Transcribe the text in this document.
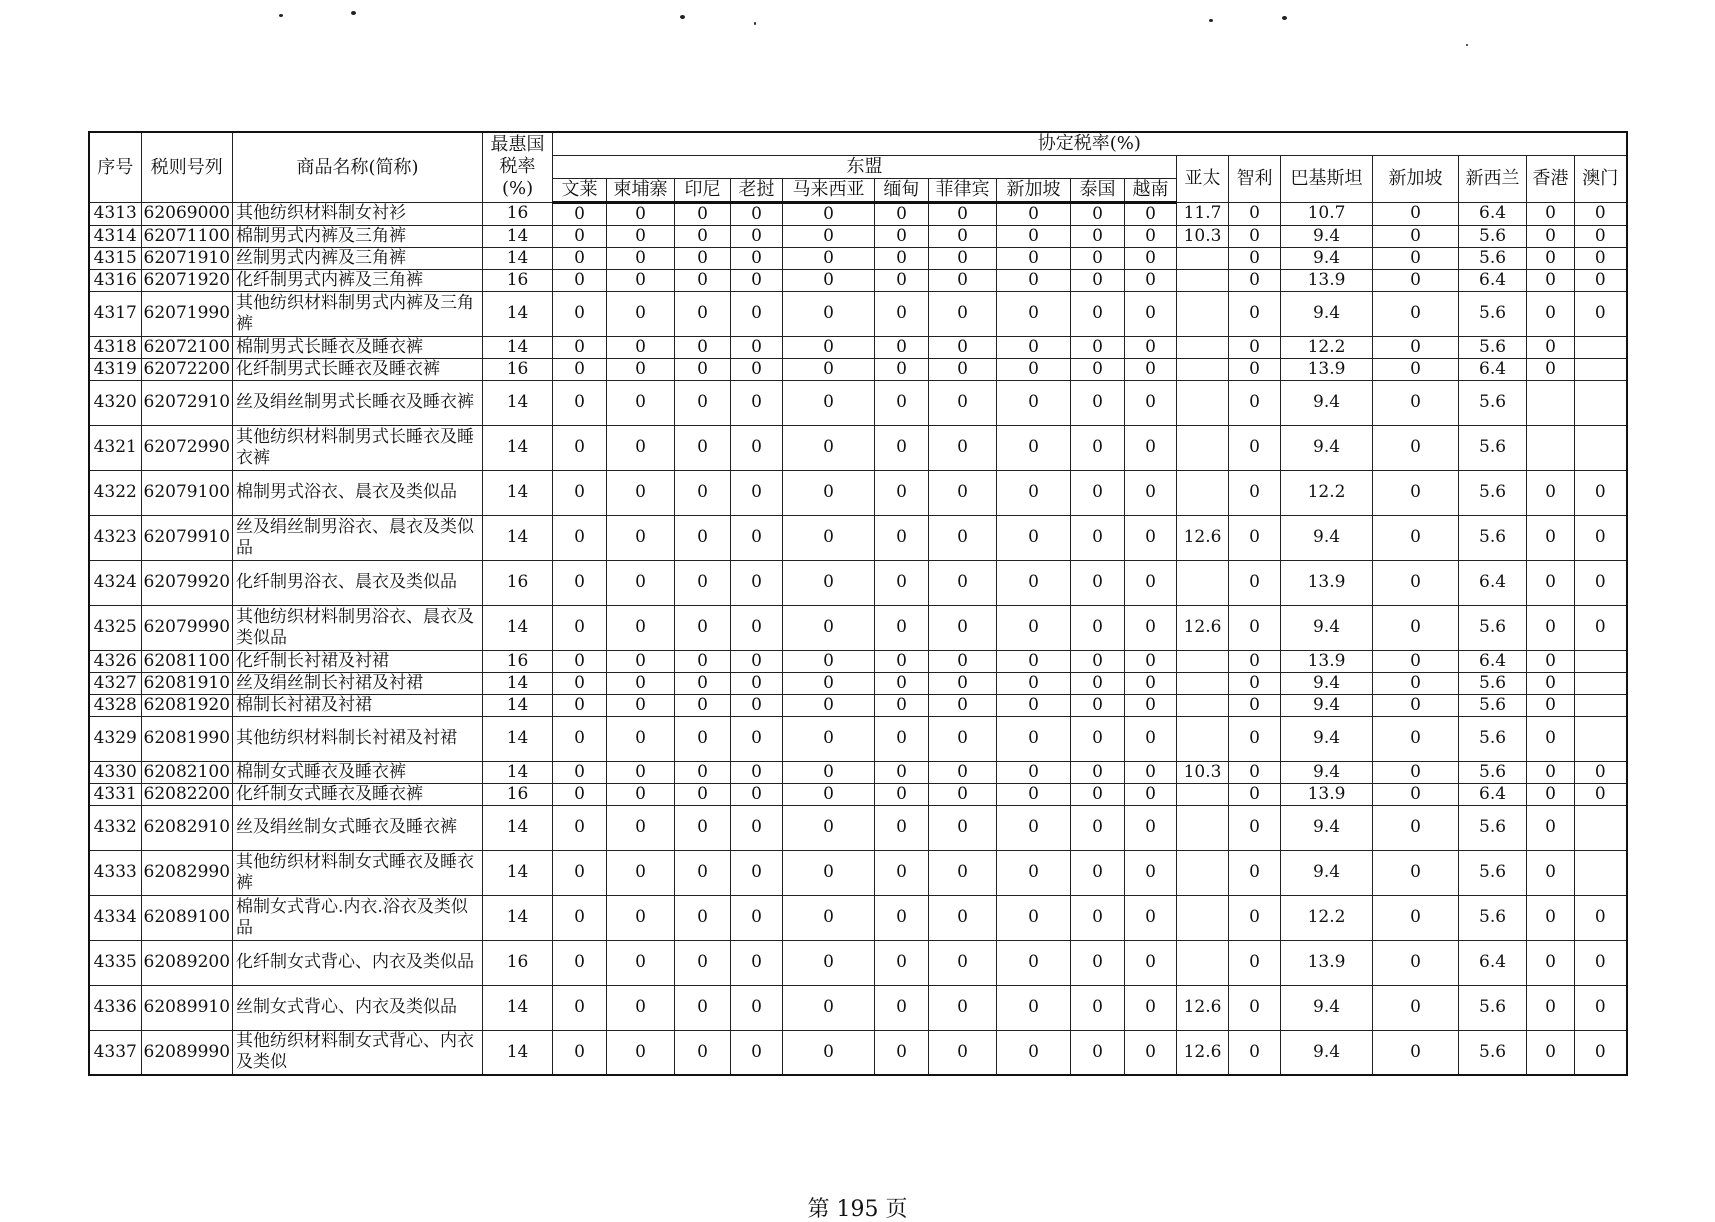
序号	税则号列	商品名称(简称)	最惠国税率(%)	协定税率(%)																
				东盟										亚太	智利	巴基斯坦	新加坡	新西兰	香港	澳门
				文莱	柬埔寨	印尼	老挝	马来西亚	缅甸	菲律宾	新加坡	泰国	越南							
4313	62069000	其他纺织材料制女衬衫	16	0	0	0	0	0	0	0	0	0	0	11.7	0	10.7	0	6.4	0	0
4314	62071100	棉制男式内裤及三角裤	14	0	0	0	0	0	0	0	0	0	0	10.3	0	9.4	0	5.6	0	0
4315	62071910	丝制男式内裤及三角裤	14	0	0	0	0	0	0	0	0	0	0		0	9.4	0	5.6	0	0
4316	62071920	化纤制男式内裤及三角裤	16	0	0	0	0	0	0	0	0	0	0		0	13.9	0	6.4	0	0
4317	62071990	其他纺织材料制男式内裤及三角裤	14	0	0	0	0	0	0	0	0	0	0		0	9.4	0	5.6	0	0
4318	62072100	棉制男式长睡衣及睡衣裤	14	0	0	0	0	0	0	0	0	0	0		0	12.2	0	5.6	0	
4319	62072200	化纤制男式长睡衣及睡衣裤	16	0	0	0	0	0	0	0	0	0	0		0	13.9	0	6.4	0	
4320	62072910	丝及绢丝制男式长睡衣及睡衣裤	14	0	0	0	0	0	0	0	0	0	0		0	9.4	0	5.6		
4321	62072990	其他纺织材料制男式长睡衣及睡衣裤	14	0	0	0	0	0	0	0	0	0	0		0	9.4	0	5.6		
4322	62079100	棉制男式浴衣、晨衣及类似品	14	0	0	0	0	0	0	0	0	0	0		0	12.2	0	5.6	0	0
4323	62079910	丝及绢丝制男浴衣、晨衣及类似品	14	0	0	0	0	0	0	0	0	0	0	12.6	0	9.4	0	5.6	0	0
4324	62079920	化纤制男浴衣、晨衣及类似品	16	0	0	0	0	0	0	0	0	0	0		0	13.9	0	6.4	0	0
4325	62079990	其他纺织材料制男浴衣、晨衣及类似品	14	0	0	0	0	0	0	0	0	0	0	12.6	0	9.4	0	5.6	0	0
4326	62081100	化纤制长衬裙及衬裙	16	0	0	0	0	0	0	0	0	0	0		0	13.9	0	6.4	0	
4327	62081910	丝及绢丝制长衬裙及衬裙	14	0	0	0	0	0	0	0	0	0	0		0	9.4	0	5.6	0	
4328	62081920	棉制长衬裙及衬裙	14	0	0	0	0	0	0	0	0	0	0		0	9.4	0	5.6	0	
4329	62081990	其他纺织材料制长衬裙及衬裙	14	0	0	0	0	0	0	0	0	0	0		0	9.4	0	5.6	0	
4330	62082100	棉制女式睡衣及睡衣裤	14	0	0	0	0	0	0	0	0	0	0	10.3	0	9.4	0	5.6	0	0
4331	62082200	化纤制女式睡衣及睡衣裤	16	0	0	0	0	0	0	0	0	0	0		0	13.9	0	6.4	0	0
4332	62082910	丝及绢丝制女式睡衣及睡衣裤	14	0	0	0	0	0	0	0	0	0	0		0	9.4	0	5.6	0	
4333	62082990	其他纺织材料制女式睡衣及睡衣裤	14	0	0	0	0	0	0	0	0	0	0		0	9.4	0	5.6	0	
4334	62089100	棉制女式背心.内衣.浴衣及类似品	14	0	0	0	0	0	0	0	0	0	0		0	12.2	0	5.6	0	0
4335	62089200	化纤制女式背心、内衣及类似品	16	0	0	0	0	0	0	0	0	0	0		0	13.9	0	6.4	0	0
4336	62089910	丝制女式背心、内衣及类似品	14	0	0	0	0	0	0	0	0	0	0	12.6	0	9.4	0	5.6	0	0
4337	62089990	其他纺织材料制女式背心、内衣及类似	14	0	0	0	0	0	0	0	0	0	0	12.6	0	9.4	0	5.6	0	0
第 195 页
